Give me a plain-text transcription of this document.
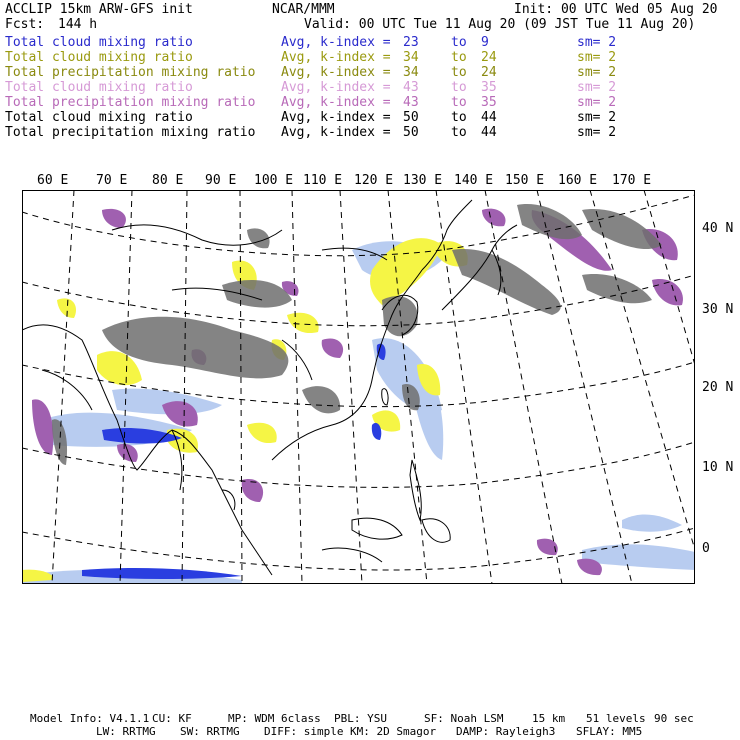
ACCLIP 15km ARW-GFS init	NCAR/MMM	Init: 00 UTC Wed 05 Aug 20
Fcst: 144 h	Valid: 00 UTC Tue 11 Aug 20 (09 JST Tue 11 Aug 20)
Total cloud mixing ratio	Avg, k-index = 23 to 9	sm= 2
Total cloud mixing ratio	Avg, k-index = 34 to 24	sm= 2
Total precipitation mixing ratio Avg, k-index = 34 to 24	sm= 2
Total cloud mixing ratio	Avg, k-index = 43 to 35	sm= 2
Total precipitation mixing ratio Avg, k-index = 43 to 35	sm= 2
Total cloud mixing ratio	Avg, k-index = 50 to 44	sm= 2
Total precipitation mixing ratio Avg, k-index = 50 to 44	sm= 2
60 E 70 E 80 E 90 E 100 E 110 E 120 E 130 E 140 E 150 E 160 E 170 E
40 N
30 N
20 N
10 N
0
Model Info: V4.1.1 CU: KF	MP: WDM 6class PBL: YSU	SF: Noah LSM	15 km 51 levels 90 sec
LW: RRTMG SW: RRTMG DIFF: simple KM: 2D Smagor DAMP: Rayleigh3 SFLAY: MM5
